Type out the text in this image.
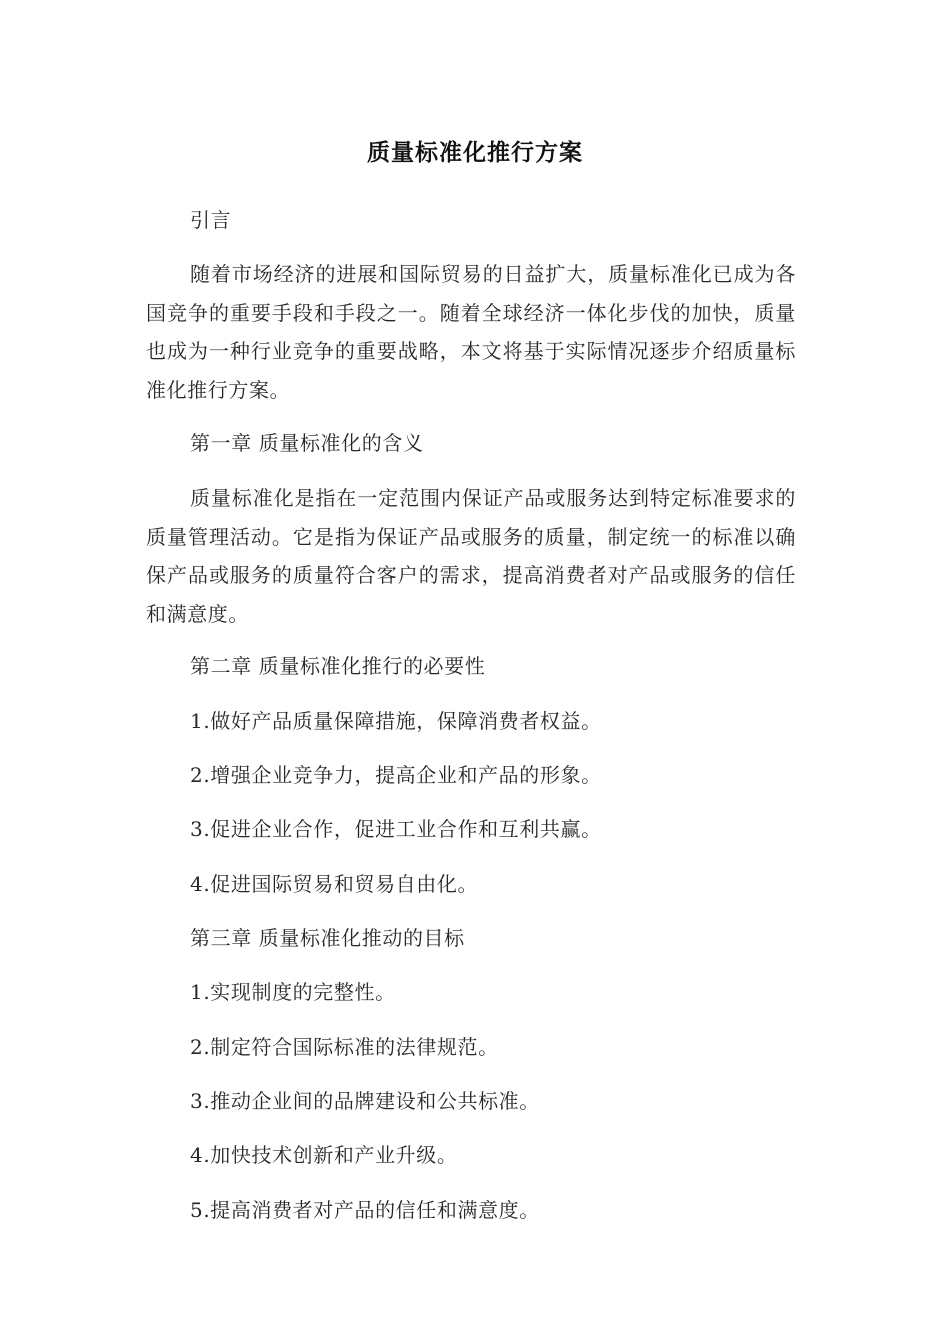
质量标准化推行方案

引言

随着市场经济的进展和国际贸易的日益扩大，质量标准化已成为各国竞争的重要手段和手段之一。随着全球经济一体化步伐的加快，质量也成为一种行业竞争的重要战略，本文将基于实际情况逐步介绍质量标准化推行方案。

第一章 质量标准化的含义

质量标准化是指在一定范围内保证产品或服务达到特定标准要求的质量管理活动。它是指为保证产品或服务的质量，制定统一的标准以确保产品或服务的质量符合客户的需求，提高消费者对产品或服务的信任和满意度。

第二章 质量标准化推行的必要性

1.做好产品质量保障措施，保障消费者权益。

2.增强企业竞争力，提高企业和产品的形象。

3.促进企业合作，促进工业合作和互利共赢。

4.促进国际贸易和贸易自由化。

第三章 质量标准化推动的目标

1.实现制度的完整性。

2.制定符合国际标准的法律规范。

3.推动企业间的品牌建设和公共标准。

4.加快技术创新和产业升级。

5.提高消费者对产品的信任和满意度。
